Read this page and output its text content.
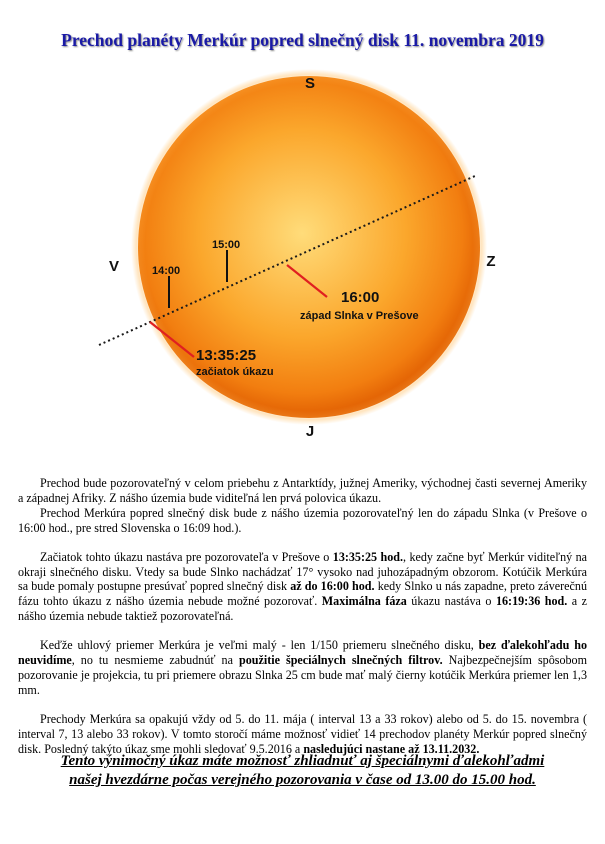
Prechod planéty Merkúr popred slnečný disk 11. novembra 2019
S
J
V	Z
14:00
15:00
16:00
západ Slnka v Prešove
13:35:25
začiatok úkazu

Prechod bude pozorovateľný v celom priebehu z Antarktídy, južnej Ameriky, východnej časti severnej Ameriky a západnej Afriky. Z nášho územia bude viditeľná len prvá polovica úkazu.

Prechod Merkúra popred slnečný disk bude z nášho územia pozorovateľný len do západu Slnka (v Prešove o 16:00 hod., pre stred Slovenska o 16:09 hod.).

Začiatok tohto úkazu nastáva pre pozorovateľa v Prešove o 13:35:25 hod., kedy začne byť Merkúr viditeľný na okraji slnečného disku. Vtedy sa bude Slnko nachádzať 17° vysoko nad juhozápadným obzorom. Kotúčik Merkúra sa bude pomaly postupne presúvať popred slnečný disk až do 16:00 hod. kedy Slnko u nás zapadne, preto záverečnú fázu tohto úkazu z nášho územia nebude možné pozorovať. Maximálna fáza úkazu nastáva o 16:19:36 hod. a z nášho územia nebude taktiež pozorovateľná.

Keďže uhlový priemer Merkúra je veľmi malý - len 1/150 priemeru slnečného disku, bez ďalekohľadu ho neuvidíme, no tu nesmieme zabudnúť na použitie špeciálnych slnečných filtrov. Najbezpečnejším spôsobom pozorovanie je projekcia, tu pri priemere obrazu Slnka 25 cm bude mať malý čierny kotúčik Merkúra priemer len 1,3 mm.

Prechody Merkúra sa opakujú vždy od 5. do 11. mája ( interval 13 a 33 rokov) alebo od 5. do 15. novembra ( interval 7, 13 alebo 33 rokov). V tomto storočí máme možnosť vidieť 14 prechodov planéty Merkúr popred slnečný disk. Posledný takýto úkaz sme mohli sledovať 9.5.2016 a nasledujúci nastane až 13.11.2032.

Tento výnimočný úkaz máte možnosť zhliadnuť aj špeciálnymi ďalekohľadmi
našej hvezdárne počas verejného pozorovania v čase od 13.00 do 15.00 hod.
